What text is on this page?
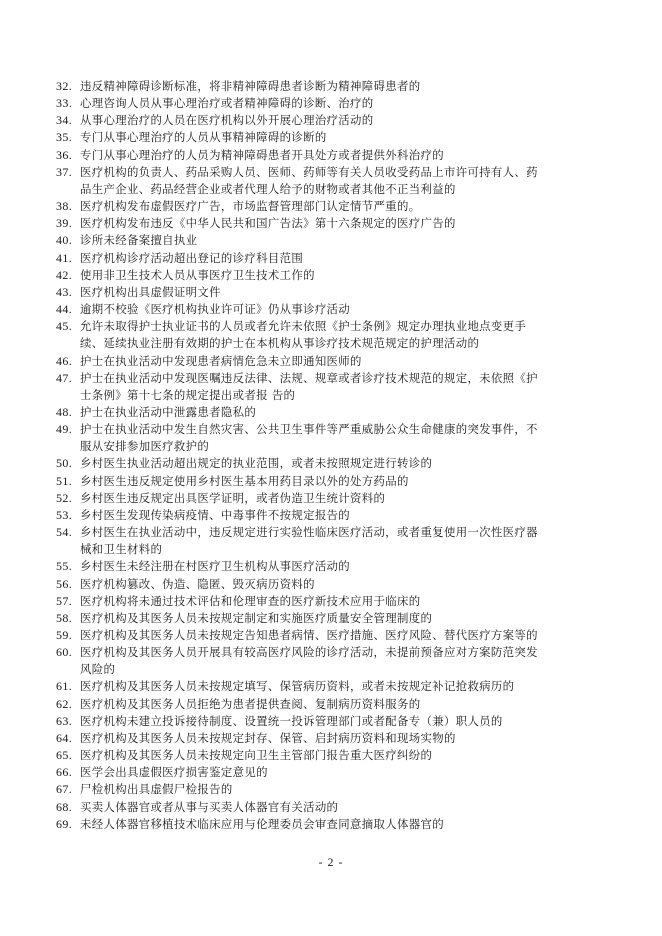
32. 违反精神障碍诊断标准，将非精神障碍患者诊断为精神障碍患者的
33. 心理咨询人员从事心理治疗或者精神障碍的诊断、治疗的
34. 从事心理治疗的人员在医疗机构以外开展心理治疗活动的
35. 专门从事心理治疗的人员从事精神障碍的诊断的
36. 专门从事心理治疗的人员为精神障碍患者开具处方或者提供外科治疗的
37. 医疗机构的负责人、药品采购人员、医师、药师等有关人员收受药品上市许可持有人、药
品生产企业、药品经营企业或者代理人给予的财物或者其他不正当利益的
38. 医疗机构发布虚假医疗广告，市场监督管理部门认定情节严重的。
39. 医疗机构发布违反《中华人民共和国广告法》第十六条规定的医疗广告的
40. 诊所未经备案擅自执业
41. 医疗机构诊疗活动超出登记的诊疗科目范围
42. 使用非卫生技术人员从事医疗卫生技术工作的
43. 医疗机构出具虚假证明文件
44. 逾期不校验《医疗机构执业许可证》仍从事诊疗活动
45. 允许未取得护士执业证书的人员或者允许未依照《护士条例》规定办理执业地点变更手
续、延续执业注册有效期的护士在本机构从事诊疗技术规范规定的护理活动的
46. 护士在执业活动中发现患者病情危急未立即通知医师的
47. 护士在执业活动中发现医嘱违反法律、法规、规章或者诊疗技术规范的规定，未依照《护
士条例》第十七条的规定提出或者报 告的
48. 护士在执业活动中泄露患者隐私的
49. 护士在执业活动中发生自然灾害、公共卫生事件等严重威胁公众生命健康的突发事件，不
服从安排参加医疗救护的
50. 乡村医生执业活动超出规定的执业范围，或者未按照规定进行转诊的
51. 乡村医生违反规定使用乡村医生基本用药目录以外的处方药品的
52. 乡村医生违反规定出具医学证明，或者伪造卫生统计资料的
53. 乡村医生发现传染病疫情、中毒事件不按规定报告的
54. 乡村医生在执业活动中，违反规定进行实验性临床医疗活动，或者重复使用一次性医疗器
械和卫生材料的
55. 乡村医生未经注册在村医疗卫生机构从事医疗活动的
56. 医疗机构篡改、伪造、隐匿、毁灭病历资料的
57. 医疗机构将未通过技术评估和伦理审查的医疗新技术应用于临床的
58. 医疗机构及其医务人员未按规定制定和实施医疗质量安全管理制度的
59. 医疗机构及其医务人员未按规定告知患者病情、医疗措施、医疗风险、替代医疗方案等的
60. 医疗机构及其医务人员开展具有较高医疗风险的诊疗活动，未提前预备应对方案防范突发
风险的
61. 医疗机构及其医务人员未按规定填写、保管病历资料，或者未按规定补记抢救病历的
62. 医疗机构及其医务人员拒绝为患者提供查阅、复制病历资料服务的
63. 医疗机构未建立投诉接待制度、设置统一投诉管理部门或者配备专（兼）职人员的
64. 医疗机构及其医务人员未按规定封存、保管、启封病历资料和现场实物的
65. 医疗机构及其医务人员未按规定向卫生主管部门报告重大医疗纠纷的
66. 医学会出具虚假医疗损害鉴定意见的
67. 尸检机构出具虚假尸检报告的
68. 买卖人体器官或者从事与买卖人体器官有关活动的
69. 未经人体器官移植技术临床应用与伦理委员会审查同意摘取人体器官的
- 2 -
